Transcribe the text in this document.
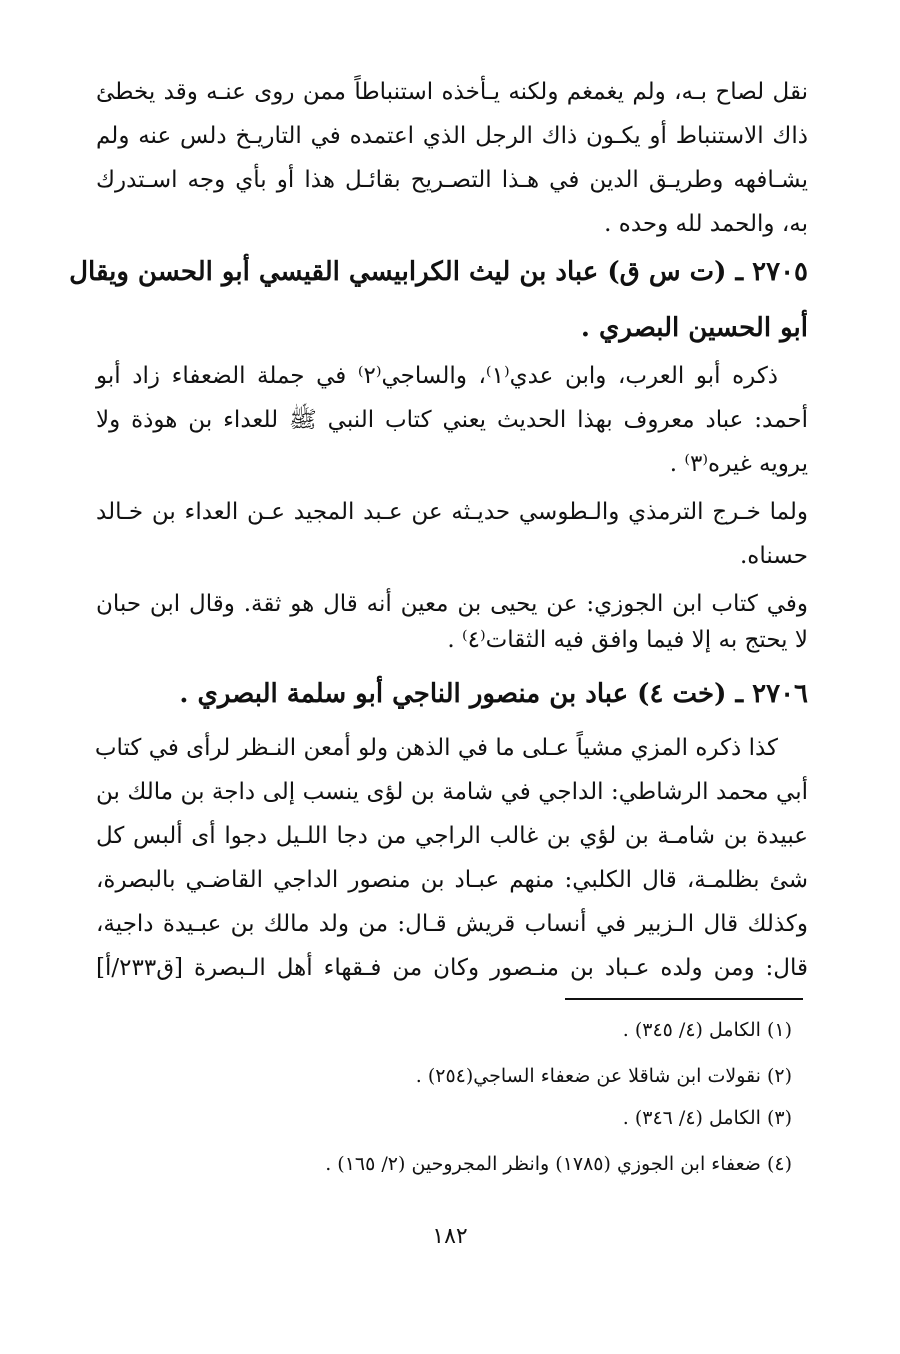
نقل لصاح بـه، ولم يغمغم ولكنه يـأخذه استنباطاً ممن روى عنـه وقد يخطئ
ذاك الاستنباط أو يكـون ذاك الرجل الذي اعتمده في التاريـخ دلس عنه ولم
يشـافهه وطريـق الدين في هـذا التصـريح بقائـل هذا أو بأي وجه اسـتدرك
به، والحمد لله وحده .
٢٧٠٥ ـ (ت س ق) عباد بن ليث الكرابيسي القيسي أبو الحسن ويقال
أبو الحسين البصري .
ذكره أبو العرب، وابن عدي⁽١⁾، والساجي⁽٢⁾ في جملة الضعفاء زاد أبو
أحمد: عباد معروف بهذا الحديث يعني كتاب النبي ﷺ للعداء بن هوذة ولا
يرويه غيره⁽٣⁾ .
ولما خـرج الترمذي والـطوسي حديـثه عن عـبد المجيد عـن العداء بن خـالد
حسناه.
وفي كتاب ابن الجوزي: عن يحيى بن معين أنه قال هو ثقة. وقال ابن حبان
لا يحتج به إلا فيما وافق فيه الثقات⁽٤⁾ .
٢٧٠٦ ـ (خت ٤) عباد بن منصور الناجي أبو سلمة البصري .
كذا ذكره المزي مشياً عـلى ما في الذهن ولو أمعن النـظر لرأى في كتاب
أبي محمد الرشاطي: الداجي في شامة بن لؤى ينسب إلى داجة بن مالك بن
عبيدة بن شامـة بن لؤي بن غالب الراجي من دجا اللـيل دجوا أى ألبس كل
شئ بظلمـة، قال الكلبي: منهم عبـاد بن منصور الداجي القاضـي بالبصرة،
وكذلك قال الـزبير في أنساب قريش قـال: من ولد مالك بن عبـيدة داجية،
قال: ومن ولده عـباد بن منـصور وكان من فـقهاء أهل الـبصرة [ق٢٣٣/أ]
(١) الكامل (٤/ ٣٤٥) .
(٢) نقولات ابن شاقلا عن ضعفاء الساجي(٢٥٤) .
(٣) الكامل (٤/ ٣٤٦) .
(٤) ضعفاء ابن الجوزي (١٧٨٥) وانظر المجروحين (٢/ ١٦٥) .
١٨٢
